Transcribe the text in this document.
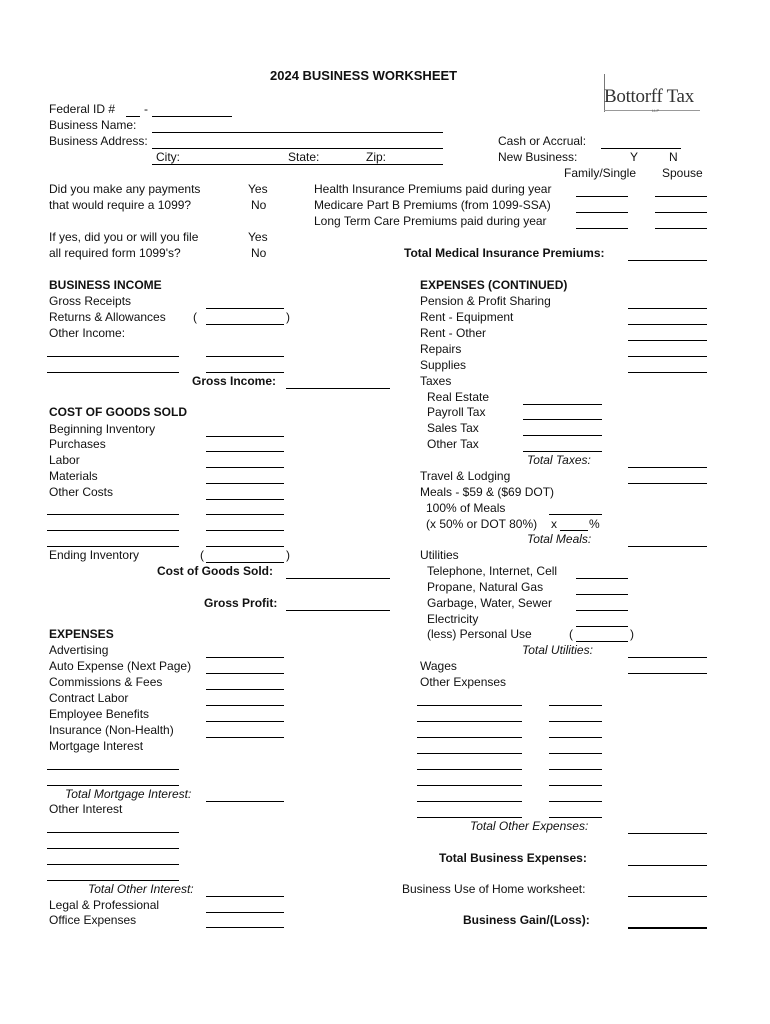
2024 BUSINESS WORKSHEET
Bottorff Tax
LLP
Federal ID # -
Business Name:
Business Address:
City:	State:	Zip:
Cash or Accrual:
New Business:	Y	N
Family/Single Spouse
Did you make any payments
that would require a 1099?
Yes
No
If yes, did you or will you file
all required form 1099's?
Yes
No
Health Insurance Premiums paid during year
Medicare Part B Premiums (from 1099-SSA)
Long Term Care Premiums paid during year
Total Medical Insurance Premiums:
BUSINESS INCOME
Gross Receipts
Returns & Allowances (	)
Other Income:
Gross Income:
COST OF GOODS SOLD
Beginning Inventory
Purchases
Labor
Materials
Other Costs
Ending Inventory	(	)
Cost of Goods Sold:
Gross Profit:
EXPENSES
Advertising
Auto Expense (Next Page)
Commissions & Fees
Contract Labor
Employee Benefits
Insurance (Non-Health)
Mortgage Interest
Total Mortgage Interest:
Other Interest
Total Other Interest:
Legal & Professional
Office Expenses
EXPENSES (CONTINUED)
Pension & Profit Sharing
Rent - Equipment
Rent - Other
Repairs
Supplies
Taxes
Real Estate
Payroll Tax
Sales Tax
Other Tax
Total Taxes:
Travel & Lodging
Meals - $59 & ($69 DOT)
100% of Meals
(x 50% or DOT 80%) x	%
Total Meals:
Utilities
Telephone, Internet, Cell
Propane, Natural Gas
Garbage, Water, Sewer
Electricity
(less) Personal Use	(	)
Total Utilities:
Wages
Other Expenses
Total Other Expenses:
Total Business Expenses:
Business Use of Home worksheet:
Business Gain/(Loss):
